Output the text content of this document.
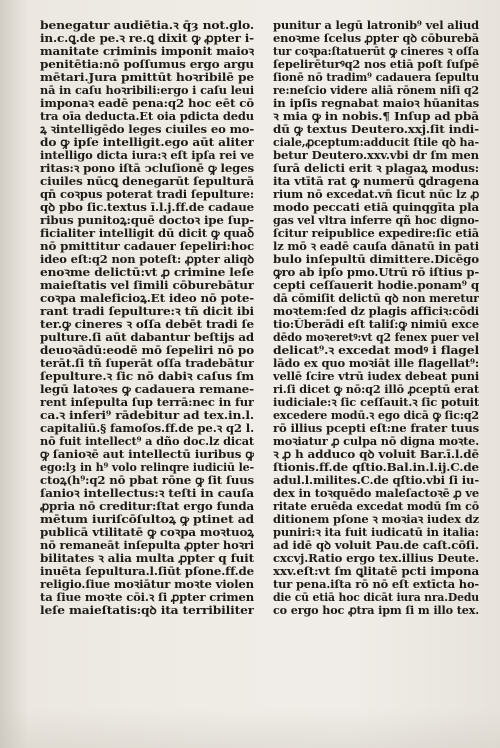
benegatur audiētia.ꝛ q̄ȝ not.glo.
in.c.ꝗ.de pe.ꝛ re.ꝗ dixit ꝙ ꝓpter i-
manitate criminis imponit maioꝛ
penitētia:nō poſſumus ergo argu
mētari.Jura pmittūt hoꝛribilē pe
nā in caſu hoꝛribili:ergo i caſu leui
imponaꝛ eadē pena:q2 hoc eēt cō
tra oīa deducta.Et oia pdicta dedu
ꝝ ꝛintelligēdo leges ciuiles eo mo-
do ꝙ ipſe intelligit.ego aūt aliter
intelligo dicta iura:ꝛ eſt ipſa rei ve
ritas:ꝛ pono iſtā ↄcluſionē ꝙ leges
ciuiles nūcꝗ denegarūt ſepulturā
qn̄ coꝛpus poterat tradi ſepulture:
qꝺ pbo ſic.textus ī.l.j.ff.de cadaue
ribus punitoꝝ:quē doctoꝛ ipe ſup-
ficialiter intelligit dū dicit ꝙ quaꝺ̄
nō pmittitur cadauer ſepeliri:hoc
ideo eſt:q2 non poteſt: ꝓpter aliqꝺ
enoꝛme delictū:vt ꝓ crimine leſe
maieſtatis vel ſimili cōburebātur
coꝛpa maleficioꝝ.Et ideo nō pote-
rant tradi ſepulture:ꝛ tñ dicit ibi
ter.ꝙ cineres ꝛ oſſa debēt tradi ſe
pulture.ſi aūt dabantur beſtijs ad
deuoꝛādū:eodē mō ſepeliri nō po
terāt.ſi tñ ſuperāt oſſa tradebātur
ſepulture.ꝛ ſic nō dabiꝛ caſus ſm
legū latoꝛes ꝙ cadauera remane-
rent inſepulta ſup terrā:nec in fur
ca.ꝛ inferi⁹ rādebitur ad tex.in.l.
capitaliū.§ famoſos.ff.de pe.ꝛ q2 l.
nō fuit intellect⁹ a dño doc.lz dicat
ꝙ ſanioꝛē aut intellectū iuribus ꝙ
ego:lȝ in h⁹ volo relinqre iudiciū le-
ctoꝝ(h⁹:q2 nō pbat rōne ꝙ ſit ſuus
ſanioꝛ intellectus:ꝛ teſti in cauſa
ꝓpria nō creditur:ſtat ergo funda
mētum iuriſcōſultoꝝ ꝙ ptinet ad
publicā vtilitatē ꝙ coꝛpa moꝛtuoꝝ
nō remaneāt inſepulta ꝓpter hoꝛri
bilitates ꝛ alia multa ꝓpter q fuit
inuēta ſepultura.l.ſiūt pſone.ff.de
religio.ſiue moꝛiātur moꝛte violen
ta ſiue moꝛte cōi.ꝛ ſi ꝓpter crimen
leſe maieſtatis:qꝺ ita terribiliter
punitur a legū latronib⁹ vel aliud
enoꝛme ſcelus ꝓpter qꝺ cōburebā
tur coꝛpa:ſtatuerūt ꝙ cineres ꝛ oſſa
ſepelirēturꝰq2 nos etiā poſt ſuſpē
ſionē nō tradim⁹ cadauera ſepultu
re:neſcio videre aliā rōnem niſi q2
in ipſis regnabat maioꝛ hūanitas
ꝛ mia ꝙ in nobis.¶ Inſup ad pbā
dū ꝙ textus Deutero.xxj.ſit indi-
ciale,ꝓceptum:adducit ſtile qꝺ ha-
betur Deutero.xxv.vbi dr ſm men
ſurā delicti erit ꝛ plagaꝝ modus:
ita vtītā rat ꝙ numerū ꝗdragena
rium nō excedat.vn̄ ſicut nūc lz ꝓ
modo peccati etiā quinqgīta pla
gas vel vltra inferre qñ hoc digno-
ſcitur reipublice expedire:ſic etiā
lz mō ꝛ eadē cauſa dānatū in pati
bulo inſepultū dimittere.Dicēgo
ꝙro ab ipſo pmo.Utrū rō iſtius p-
cepti ceſſauerit hodie.ponam⁹ q
dā cōmiſit delictū qꝺ non meretur
moꝛtem:ſed dz plagis afficiꝛ:cōdi
tio:Ūberādi eſt taliſ:ꝙ nimiū exce
dēdo moꝛeretꝰ:vt q2 fenex puer vel
delicat⁹.ꝛ excedat modꝰ i flagel
lādo ex quo moꝛiāt ille flagellat⁹:
vellē ſcire vtrū iudex debeat puni
ri.ſi dicet ꝙ nō:q2 illō ꝓceptū erat
iudiciale:ꝛ ſic ceſſauit.ꝛ ſic potuit
excedere modū.ꝛ ego dicā ꝙ ſic:q2
rō illius pcepti eſt:ne frater tuus
moꝛiatur ꝓ culpa nō digna moꝛte.
ꝛ ꝓ h adduco qꝺ voluit Bar.ī.l.dē
ſtionis.ff.de qſtio.Bal.in.l.ij.C.de
adul.l.milites.C.de qſtio.vbi ſi iu-
dex in toꝛquēdo maleſactoꝛē ꝓ ve
ritate eruēda excedat modū ſm cō
ditionem pſone ꝛ moꝛiaꝛ iudex dz
puniri:ꝛ ita fuit iudicatū in italia:
ad idē qꝺ voluit Pau.de caſt.cōſi.
cxcvj.Ratio ergo tex.illius Deute.
xxv.eſt:vt ſm ꝗlitatē pcti impona
tur pena.iſta rō nō eſt extīcta ho-
die cū etiā hoc dicāt iura nra.Dedu
co ergo hoc ꝓtra ipm ſi m illo tex.
